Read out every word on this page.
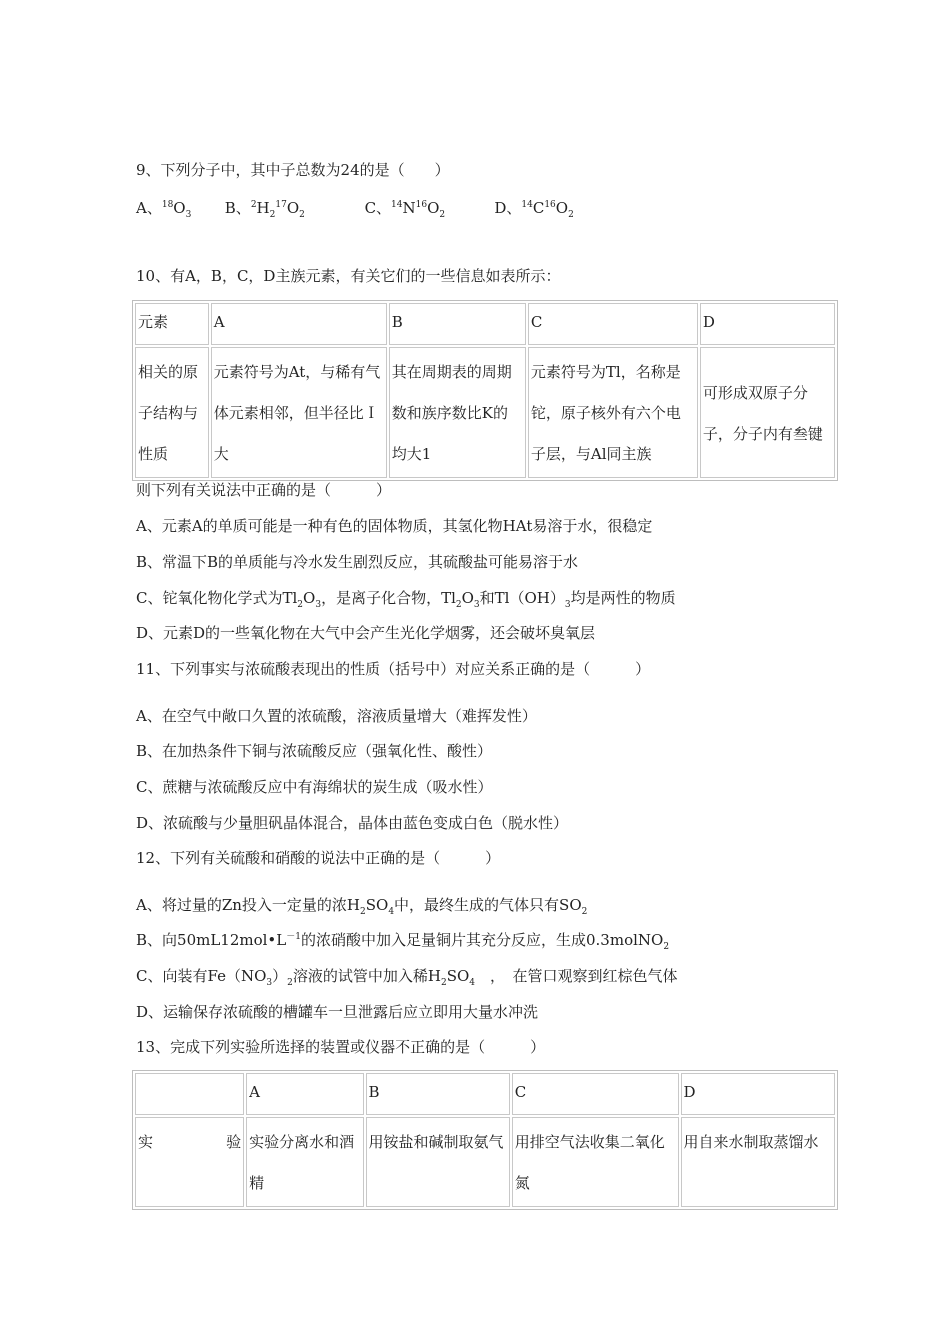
9、下列分子中，其中子总数为24的是（　　）
A、$^{18}O_3$ B、$^2H_2^{17}O_2$	C、$^{14}N^{16}O_2$	D、$^{14}C^{16}O_2$
10、有A，B，C，D主族元素，有关它们的一些信息如表所示：
元素	A	B	C	D
相关的原子结构与性质	元素符号为At，与稀有气体元素相邻，但半径比Ｉ大	其在周期表的周期数和族序数比K的均大1	元素符号为Tl，名称是铊，原子核外有六个电子层，与Al同主族	可形成双原子分子，分子内有叁键
则下列有关说法中正确的是（　　　）
A、元素A的单质可能是一种有色的固体物质，其氢化物HAt易溶于水，很稳定
B、常温下B的单质能与冷水发生剧烈反应，其硫酸盐可能易溶于水
C、铊氧化物化学式为$Tl_2O_3$，是离子化合物，$Tl_2O_3$和$Tl(OH)_3$均是两性的物质
D、元素D的一些氧化物在大气中会产生光化学烟雾，还会破坏臭氧层
11、下列事实与浓硫酸表现出的性质（括号中）对应关系正确的是（　　　）
A、在空气中敞口久置的浓硫酸，溶液质量增大（难挥发性）
B、在加热条件下铜与浓硫酸反应（强氧化性、酸性）
C、蔗糖与浓硫酸反应中有海绵状的炭生成（吸水性）
D、浓硫酸与少量胆矾晶体混合，晶体由蓝色变成白色（脱水性）
12、下列有关硫酸和硝酸的说法中正确的是（　　　）
A、将过量的Zn投入一定量的浓$H_2SO_4$中，最终生成的气体只有$SO_2$
B、向$50mL12mol•L^{-1}$的浓硝酸中加入足量铜片其充分反应，生成0.3molNO$_2$
C、向装有$Fe(NO_3)_2$溶液的试管中加入稀$H_2SO_4$　，　在管口观察到红棕色气体
D、运输保存浓硫酸的槽罐车一旦泄露后应立即用大量水冲洗
13、完成下列实验所选择的装置或仪器不正确的是（　　　）
	A	B	C	D

实 验	实验分离水和酒精	用铵盐和碱制取氨气	用排空气法收集二氧化氮	用自来水制取蒸馏水
